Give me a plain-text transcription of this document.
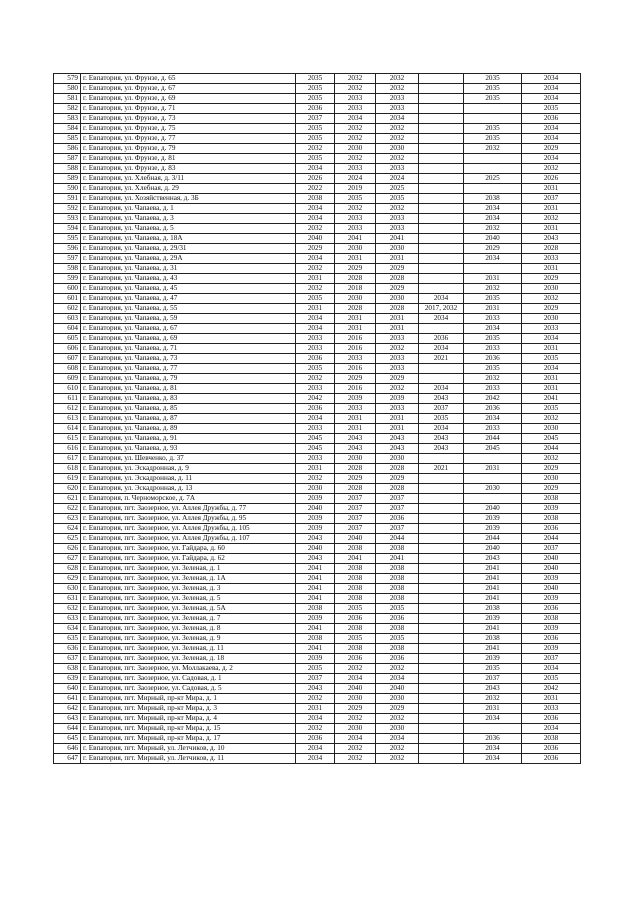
579	г. Евпатория, ул. Фрунзе, д. 65	2035	2032	2032		2035	2034
580	г. Евпатория, ул. Фрунзе, д. 67	2035	2032	2032		2035	2034
581	г. Евпатория, ул. Фрунзе, д. 69	2035	2033	2033		2035	2034
582	г. Евпатория, ул. Фрунзе, д. 71	2036	2033	2033			2035
583	г. Евпатория, ул. Фрунзе, д. 73	2037	2034	2034			2036
584	г. Евпатория, ул. Фрунзе, д. 75	2035	2032	2032		2035	2034
585	г. Евпатория, ул. Фрунзе, д. 77	2035	2032	2032		2035	2034
586	г. Евпатория, ул. Фрунзе, д. 79	2032	2030	2030		2032	2029
587	г. Евпатория, ул. Фрунзе, д. 81	2035	2032	2032			2034
588	г. Евпатория, ул. Фрунзе, д. 83	2034	2033	2033			2032
589	г. Евпатория, ул. Хлебная, д. 3/11	2026	2024	2024		2025	2026
590	г. Евпатория, ул. Хлебная, д. 29	2022	2019	2025			2031
591	г. Евпатория, ул. Хозяйственная, д. 3Б	2038	2035	2035		2038	2037
592	г. Евпатория, ул. Чапаева, д. 1	2034	2032	2032		2034	2031
593	г. Евпатория, ул. Чапаева, д. 3	2034	2033	2033		2034	2032
594	г. Евпатория, ул. Чапаева, д. 5	2032	2033	2033		2032	2031
595	г. Евпатория, ул. Чапаева, д. 18А	2040	2041	2041		2040	2043
596	г. Евпатория, ул. Чапаева, д. 29/31	2029	2030	2030		2029	2028
597	г. Евпатория, ул. Чапаева, д. 29А	2034	2031	2031		2034	2033
598	г. Евпатория, ул. Чапаева, д. 31	2032	2029	2029			2031
599	г. Евпатория, ул. Чапаева, д. 43	2031	2028	2028		2031	2029
600	г. Евпатория, ул. Чапаева, д. 45	2032	2018	2029		2032	2030
601	г. Евпатория, ул. Чапаева, д. 47	2035	2030	2030	2034	2035	2032
602	г. Евпатория, ул. Чапаева, д. 55	2031	2028	2028	2017, 2032	2031	2029
603	г. Евпатория, ул. Чапаева, д. 59	2034	2031	2031	2034	2033	2030
604	г. Евпатория, ул. Чапаева, д. 67	2034	2031	2031		2034	2033
605	г. Евпатория, ул. Чапаева, д. 69	2033	2016	2033	2036	2035	2034
606	г. Евпатория, ул. Чапаева, д. 71	2033	2016	2032	2034	2033	2031
607	г. Евпатория, ул. Чапаева, д. 73	2036	2033	2033	2021	2036	2035
608	г. Евпатория, ул. Чапаева, д. 77	2035	2016	2033		2035	2034
609	г. Евпатория, ул. Чапаева, д. 79	2032	2029	2029		2032	2031
610	г. Евпатория, ул. Чапаева, д. 81	2033	2016	2032	2034	2033	2031
611	г. Евпатория, ул. Чапаева, д. 83	2042	2039	2039	2043	2042	2041
612	г. Евпатория, ул. Чапаева, д. 85	2036	2033	2033	2037	2036	2035
613	г. Евпатория, ул. Чапаева, д. 87	2034	2031	2031	2035	2034	2032
614	г. Евпатория, ул. Чапаева, д. 89	2033	2031	2031	2034	2033	2030
615	г. Евпатория, ул. Чапаева, д. 91	2045	2043	2043	2043	2044	2045
616	г. Евпатория, ул. Чапаева, д. 93	2045	2043	2043	2043	2045	2044
617	г. Евпатория, ул. Шевченко, д. 37	2033	2030	2030			2032
618	г. Евпатория, ул. Эскадронная, д. 9	2031	2028	2028	2021	2031	2029
619	г. Евпатория, ул. Эскадронная, д. 11	2032	2029	2029			2030
620	г. Евпатория, ул. Эскадронная, д. 13	2030	2028	2028		2030	2029
621	г. Евпатория, п. Черноморское, д. 7А	2039	2037	2037			2038
622	г. Евпатория, пгт. Заозерное, ул. Аллея Дружбы, д. 77	2040	2037	2037		2040	2039
623	г. Евпатория, пгт. Заозерное, ул. Аллея Дружбы, д. 95	2039	2037	2036		2039	2038
624	г. Евпатория, пгт. Заозерное, ул. Аллея Дружбы, д. 105	2039	2037	2037		2039	2036
625	г. Евпатория, пгт. Заозерное, ул. Аллея Дружбы, д. 107	2043	2040	2044		2044	2044
626	г. Евпатория, пгт. Заозерное, ул. Гайдара, д. 60	2040	2038	2038		2040	2037
627	г. Евпатория, пгт. Заозерное, ул. Гайдара, д. 62	2043	2041	2041		2043	2040
628	г. Евпатория, пгт. Заозерное, ул. Зеленая, д. 1	2041	2038	2038		2041	2040
629	г. Евпатория, пгт. Заозерное, ул. Зеленая, д. 1А	2041	2038	2038		2041	2039
630	г. Евпатория, пгт. Заозерное, ул. Зеленая, д. 3	2041	2038	2038		2041	2040
631	г. Евпатория, пгт. Заозерное, ул. Зеленая, д. 5	2041	2038	2038		2041	2039
632	г. Евпатория, пгт. Заозерное, ул. Зеленая, д. 5А	2038	2035	2035		2038	2036
633	г. Евпатория, пгт. Заозерное, ул. Зеленая, д. 7	2039	2036	2036		2039	2038
634	г. Евпатория, пгт. Заозерное, ул. Зеленая, д. 8	2041	2038	2038		2041	2039
635	г. Евпатория, пгт. Заозерное, ул. Зеленая, д. 9	2038	2035	2035		2038	2036
636	г. Евпатория, пгт. Заозерное, ул. Зеленая, д. 11	2041	2038	2038		2041	2039
637	г. Евпатория, пгт. Заозерное, ул. Зеленая, д. 18	2039	2036	2036		2039	2037
638	г. Евпатория, пгт. Заозерное, ул. Моллакаева, д. 2	2035	2032	2032		2035	2034
639	г. Евпатория, пгт. Заозерное, ул. Садовая, д. 1	2037	2034	2034		2037	2035
640	г. Евпатория, пгт. Заозерное, ул. Садовая, д. 5	2043	2040	2040		2043	2042
641	г. Евпатория, пгт. Мирный, пр-кт Мира, д. 1	2032	2030	2030		2032	2031
642	г. Евпатория, пгт. Мирный, пр-кт Мира, д. 3	2031	2029	2029		2031	2033
643	г. Евпатория, пгт. Мирный, пр-кт Мира, д. 4	2034	2032	2032		2034	2036
644	г. Евпатория, пгт. Мирный, пр-кт Мира, д. 15	2032	2030	2030			2034
645	г. Евпатория, пгт. Мирный, пр-кт Мира, д. 17	2036	2034	2034		2036	2038
646	г. Евпатория, пгт. Мирный, ул. Летчиков, д. 10	2034	2032	2032		2034	2036
647	г. Евпатория, пгт. Мирный, ул. Летчиков, д. 11	2034	2032	2032		2034	2036
